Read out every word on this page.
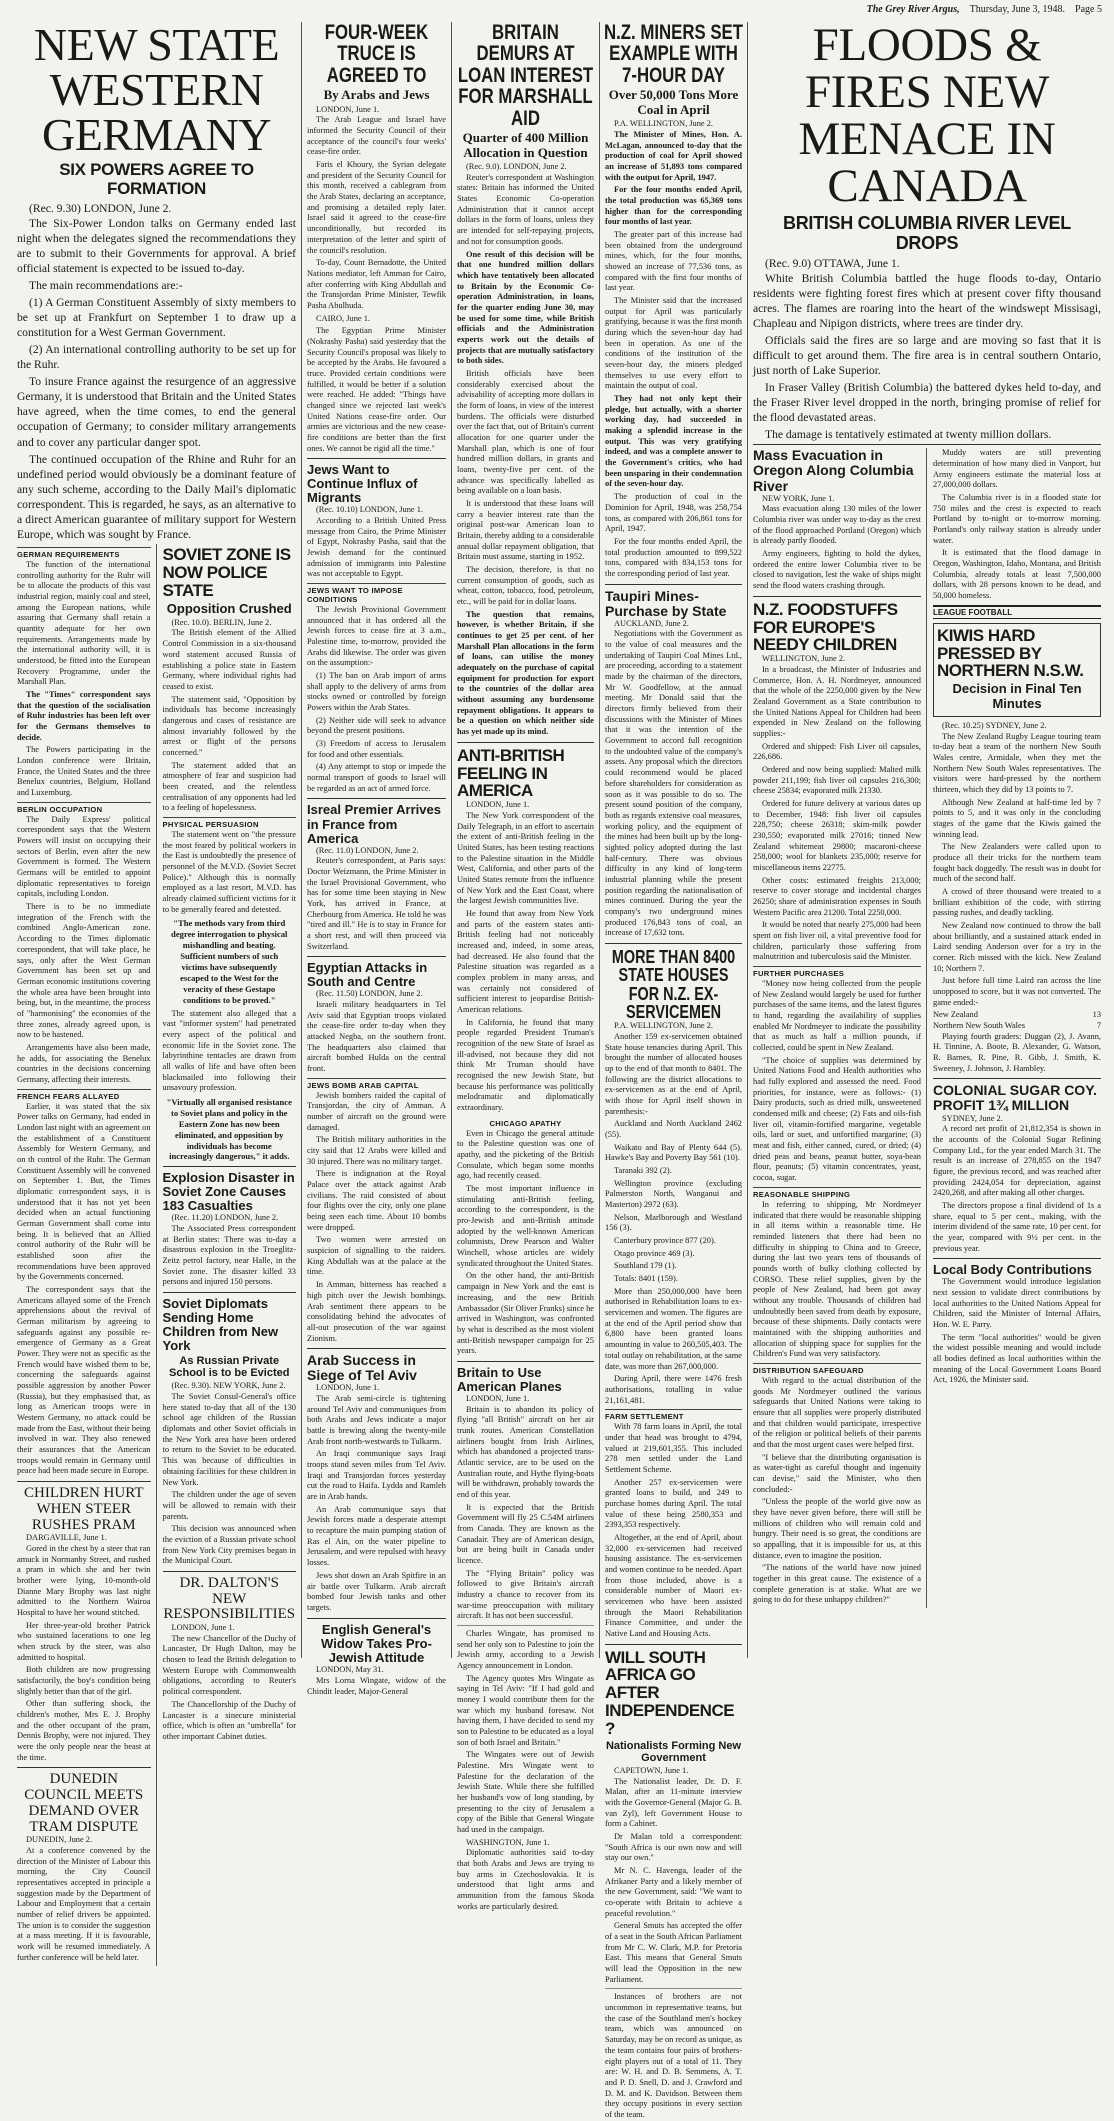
The Grey River Argus, Thursday, June 3, 1948. Page 5
NEW STATE WESTERN GERMANY
SIX POWERS AGREE TO FORMATION
(Rec. 9.30) LONDON, June 2.

The Six-Power London talks on Germany ended last night when the delegates signed the recommendations they are to submit to their Governments for approval. A brief official statement is expected to be issued to-day.

The main recommendations are:-

(1) A German Constituent Assembly of sixty members to be set up at Frankfurt on September 1 to draw up a constitution for a West German Government.

(2) An international controlling authority to be set up for the Ruhr.

To insure France against the resurgence of an aggressive Germany, it is understood that Britain and the United States have agreed, when the time comes, to end the general occupation of Germany; to consider military arrangements and to cover any particular danger spot.

The continued occupation of the Rhine and Ruhr for an undefined period would obviously be a dominant feature of any such scheme, according to the Daily Mail's diplomatic correspondent. This is regarded, he says, as an alternative to a direct American guarantee of military support for Western Europe, which was sought by France.

GERMAN REQUIREMENTS

The function of the international controlling authority for the Ruhr will be to allocate the products of this vast industrial region, mainly coal and steel, among the European nations, while assuring that Germany shall retain a quantity adequate for her own requirements. Arrangements made by the international authority will, it is understood, be fitted into the European Recovery Programme, under the Marshall Plan.

The "Times" correspondent says that the question of the socialisation of Ruhr industries has been left over for the Germans themselves to decide.

The Powers participating in the London conference were Britain, France, the United States and the three Benelux countries, Belgium, Holland and Luxemburg.

BERLIN OCCUPATION

The Daily Express' political correspondent says that the Western Powers will insist on occupying their sectors of Berlin, even after the new Government is formed. The Western Germans will be entitled to appoint diplomatic representatives to foreign capitals, including London.

There is to be no immediate integration of the French with the combined Anglo-American zone. According to the Times diplomatic correspondent, that will take place, he says, only after the West German Government has been set up and German economic institutions covering the whole area have been brought into being, but, in the meantime, the process of "harmonising" the economies of the three zones, already agreed upon, is now to be hastened.

Arrangements have also been made, he adds, for associating the Benelux countries in the decisions concerning Germany, affecting their interests.

FRENCH FEARS ALLAYED

Earlier, it was stated that the six Power talks on Germany, had ended in London last night with an agreement on the establishment of a Constituent Assembly for Western Germany, and on th control of the Ruhr. The German Constituent Assembly will be convened on September 1. But, the Times diplomatic correspondent says, it is understood that it has not yet been decided when an actual functioning German Government shall come into being. It is believed that an Allied control authority of the Ruhr will be established soon after the recommendations have been approved by the Governments concerned.

The correspondent says that the Americans allayed some of the French apprehensions about the revival of German militarism by agreeing to safeguards against any possible re-emergence of Germany as a Great Power. They were not as specific as the French would have wished them to be, concerning the safeguards against possible aggression by another Power (Russia), but they emphasised that, as long as American troops were in Western Germany, no attack could be made from the East, without their being involved in war. They also renewed their assurances that the American troops would remain in Germany until peace had been made secure in Europe.

CHILDREN HURT WHEN STEER RUSHES PRAM
DARGAVILLE, June 1.

Gored in the chest by a steer that ran amuck in Normanby Street, and rushed a pram in which she and her twin brother were lying, 10-month-old Dianne Mary Brophy was last night admitted to the Northern Wairoa Hospital to have her wound stitched.

Her three-year-old brother Patrick who sustained lacerations to one leg when struck by the steer, was also admitted to hospital.

Both children are now progressing satisfactorily, the boy's condition being slightly better than that of the girl.

Other than suffering shock, the children's mother, Mrs E. J. Brophy and the other occupant of the pram, Dennis Brophy, were not injured. They were the only people near the beast at the time.

DUNEDIN COUNCIL MEETS DEMAND OVER TRAM DISPUTE
DUNEDIN, June 2.

At a conference convened by the direction of the Minister of Labour this morning, the City Council representatives accepted in principle a suggestion made by the Department of Labour and Employment that a certain number of relief drivers be appointed. The union is to consider the suggestion at a mass meeting. If it is favourable, work will be resumed immediately. A further conference will be held later.

SOVIET ZONE IS NOW POLICE STATE
Opposition Crushed
(Rec. 10.0). BERLIN, June 2.

The British element of the Allied Control Commission in a six-thousand word statement accused Russia of establishing a police state in Eastern Germany, where individual rights had ceased to exist.

The statement said, "Opposition by individuals has become increasingly dangerous and cases of resistance are almost invariably followed by the arrest or flight of the persons concerned."

The statement added that an atmosphere of fear and suspicion had been created, and the relentless centralisation of any opponents had led to a feeling of hopelessness.

PHYSICAL PERSUASION

The statement went on "the pressure the most feared by political workers in the East is undoubtedly the presence of personnel of the M.V.D. (Soviet Secret Police)." Although this is normally employed as a last resort, M.V.D. has already claimed sufficient victims for it to be generally feared and detested.

"The methods vary from third degree interrogation to physical mishandling and beating. Sufficient numbers of such victims have subsequently escaped to the West for the veracity of these Gestapo conditions to be proved."

The statement also alleged that a vast "informer system" had penetrated every aspect of the political and economic life in the Soviet zone. The labyrinthine tentacles are drawn from all walks of life and have often been blackmailed into following their unsavoury profession.

"Virtually all organised resistance to Soviet plans and policy in the Eastern Zone has now been eliminated, and opposition by individuals has become increasingly dangerous," it adds.

Explosion Disaster in Soviet Zone Causes 183 Casualties
(Rec. 11.20) LONDON, June 2.

The Associated Press correspondent at Berlin states: There was to-day a disastrous explosion in the Troeglitz-Zeitz petrol factory, near Halle, in the Soviet zone. The disaster killed 33 persons and injured 150 persons.

Soviet Diplomats Sending Home Children from New York
As Russian Private School is to be Evicted
(Rec. 9.30). NEW YORK, June 2.

The Soviet Consul-General's office here stated to-day that all of the 130 school age children of the Russian diplomats and other Soviet officials in the New York area have been ordered to return to the Soviet to be educated. This was because of difficulties in obtaining facilities for these children in New York.

The children under the age of seven will be allowed to remain with their parents.

This decision was announced when the eviction of a Russian private school from New York City premises began in the Municipal Court.

DR. DALTON'S NEW RESPONSIBILITIES
LONDON, June 1.

The new Chancellor of the Duchy of Lancaster, Dr Hugh Dalton, may be chosen to lead the British delegation to Western Europe with Commonwealth obligations, according to Reuter's political correspondent.

The Chancellorship of the Duchy of Lancaster is a sinecure ministerial office, which is often an "umbrella" for other important Cabinet duties.

FOUR-WEEK TRUCE IS AGREED TO
By Arabs and Jews
LONDON, June 1.

The Arab League and Israel have informed the Security Council of their acceptance of the council's four weeks' cease-fire order.

Faris el Khoury, the Syrian delegate and president of the Security Council for this month, received a cablegram from the Arab States, declaring an acceptance, and promising a detailed reply later. Israel said it agreed to the cease-fire unconditionally, but recorded its interpretation of the letter and spirit of the council's resolution.

To-day, Count Bernadotte, the United Nations mediator, left Amman for Cairo, after conferring with King Abdullah and the Transjordan Prime Minister, Tewfik Pasha Abulhuda.

CAIRO, June 1.

The Egyptian Prime Minister (Nokrashy Pasha) said yesterday that the Security Council's proposal was likely to be accepted by the Arabs. He favoured a truce. Provided certain conditions were fulfilled, it would be better if a solution were reached. He added: "Things have changed since we rejected last week's United Nations cease-fire order. Our armies are victorious and the new cease-fire conditions are better than the first ones. We cannot be rigid all the time."

Jews Want to Continue Influx of Migrants
(Rec. 10.10) LONDON, June 1.

According to a British United Press message from Cairo, the Prime Minister of Egypt, Nokrashy Pasha, said that the Jewish demand for the continued admission of immigrants into Palestine was not acceptable to Egypt.

JEWS WANT TO IMPOSE CONDITIONS

The Jewish Provisional Government announced that it has ordered all the Jewish forces to cease fire at 3 a.m., Palestine time, to-morrow, provided the Arabs did likewise. The order was given on the assumption:-

(1) The ban on Arab import of arms shall apply to the delivery of arms from stocks owned or controlled by foreign Powers within the Arab States.

(2) Neither side will seek to advance beyond the present positions.

(3) Freedom of access to Jerusalem for food and other essentials.

(4) Any attempt to stop or impede the normal transport of goods to Israel will be regarded as an act of armed force.

Isreal Premier Arrives in France from America
(Rec. 11.0) LONDON, June 2.

Reuter's correspondent, at Paris says: Doctor Weizmann, the Prime Minister in the Israel Provisional Government, who has for some time been staying in New York, has arrived in France, at Cherbourg from America. He told he was "tired and ill." He is to stay in France for a short rest, and will then proceed via Switzerland.

Egyptian Attacks in South and Centre
(Rec. 11.50) LONDON, June 2.

Israeli military headquarters in Tel Aviv said that Egyptian troops violated the cease-fire order to-day when they attacked Negba, on the southern front. The headquarters also claimed that aircraft bombed Hulda on the central front.

JEWS BOMB ARAB CAPITAL

Jewish bombers raided the capital of Transjordan, the city of Amman. A number of aircraft on the ground were damaged.

The British military authorities in the city said that 12 Arabs were killed and 30 injured. There was no military target.

There is indignation at the Royal Palace over the attack against Arab civilians. The raid consisted of about four flights over the city, only one plane being seen each time. About 10 bombs were dropped.

Two women were arrested on suspicion of signalling to the raiders. King Abdullah was at the palace at the time.

In Amman, bitterness has reached a high pitch over the Jewish bombings. Arab sentiment there appears to be consolidating behind the advocates of all-out prosecution of the war against Zionism.

Arab Success in Siege of Tel Aviv
LONDON, June 1.

The Arab semi-circle is tightening around Tel Aviv and communiques from both Arabs and Jews indicate a major battle is brewing along the twenty-mile Arab front north-westwards to Tulkarm.

An Iraqi communique says Iraqi troops stand seven miles from Tel Aviv. Iraqi and Transjordan forces yesterday cut the road to Haifa. Lydda and Ramleh are in Arab hands.

An Arab communique says that Jewish forces made a desperate attempt to recapture the main pumping station of Ras el Ain, on the water pipeline to Jerusalem, and were repulsed with heavy losses.

Jews shot down an Arab Spitfire in an air battle over Tulkarm. Arab aircraft bombed four Jewish tanks and other targets.

English General's Widow Takes Pro-Jewish Attitude
LONDON, May 31.

Mrs Lorna Wingate, widow of the Chindit leader, Major-General

BRITAIN DEMURS AT LOAN INTEREST FOR MARSHALL AID
Quarter of 400 Million Allocation in Question
(Rec. 9.0). LONDON, June 2.

Reuter's correspondent at Washington states: Britain has informed the United States Economic Co-operation Administration that it cannot accept dollars in the form of loans, unless they are intended for self-repaying projects, and not for consumption goods.

One result of this decision will be that one hundred million dollars which have tentatively been allocated to Britain by the Economic Co-operation Administration, in loans, for the quarter ending June 30, may be used for some time, while British officials and the Administration experts work out the details of projects that are mutually satisfactory to both sides.

British officials have been considerably exercised about the advisability of accepting more dollars in the form of loans, in view of the interest burdens. The officials were disturbed over the fact that, out of Britain's current allocation for one quarter under the Marshall plan, which is one of four hundred million dollars, in grants and loans, twenty-five per cent. of the advance was specifically labelled as being available on a loan basis.

It is understood that these loans will carry a heavier interest rate than the original post-war American loan to Britain, thereby adding to a considerable annual dollar repayment obligation, that Britain must assume, starting in 1952.

The decision, therefore, is that no current consumption of goods, such as wheat, cotton, tobacco, food, petroleum, etc., will be paid for in dollar loans.

The question that remains, however, is whether Britain, if she continues to get 25 per cent. of her Marshall Plan allocations in the form of loans, can utilise the money adequately on the purchase of capital equipment for production for export to the countries of the dollar area without assuming any burdensome repayment obligations. It appears to be a question on which neither side has yet made up its mind.

ANTI-BRITISH FEELING IN AMERICA
LONDON, June 1.

The New York correspondent of the Daily Telegraph, in an effort to ascertain the extent of anti-British feeling in the United States, has been testing reactions to the Palestine situation in the Middle West, California, and other parts of the United States remote from the influence of New York and the East Coast, where the largest Jewish communities live.

He found that away from New York and parts of the eastern states anti-British feeling had not noticeably increased and, indeed, in some areas, had decreased. He also found that the Palestine situation was regarded as a complex problem in many areas, and was certainly not considered of sufficient interest to jeopardise British-American relations.

In California, he found that many people regarded President Truman's recognition of the new State of Israel as ill-advised, not because they did not think Mr Truman should have recognised the new Jewish State, but because his performance was politically melodramatic and diplomatically extraordinary.

CHICAGO APATHY

Even in Chicago the general attitude to the Palestine question was one of apathy, and the picketing of the British Consulate, which began some months ago, had recently ceased.

The most important influence in stimulating anti-British feeling, according to the correspondent, is the pro-Jewish and anti-British attitude adopted by the well-known American columnists, Drew Pearson and Walter Winchell, whose articles are widely syndicated throughout the United States.

On the other hand, the anti-British campaign in New York and the east is increasing, and the new British Ambassador (Sir Oliver Franks) since he arrived in Washington, was confronted by what is described as the most violent anti-British newspaper campaign for 25 years.

Britain to Use American Planes
LONDON, June 1.

Britain is to abandon its policy of flying "all British" aircraft on her air trunk routes. American Constellation airliners bought from Irish Airlines, which has abandoned a projected trans-Atlantic service, are to be used on the Australian route, and Hythe flying-boats will be withdrawn, probably towards the end of this year.

It is expected that the British Government will fly 25 C.54M airliners from Canada. They are known as the Canadair. They are of American design, but are being built in Canada under licence.

The "Flying Britain" policy was followed to give Britain's aircraft industry a chance to recover from its war-time preoccupation with military aircraft. It has not been successful.

Charles Wingate, has promised to send her only son to Palestine to join the Jewish army, according to a Jewish Agency announcement in London.

The Agency quotes Mrs Wingate as saying in Tel Aviv: "If I had gold and money I would contribute them for the war which my husband foresaw. Not having them, I have decided to send my son to Palestine to be educated as a loyal son of both Israel and Britain."

The Wingates were out of Jewish Palestine. Mrs Wingate went to Palestine for the declaration of the Jewish State. While there she fulfilled her husband's vow of long standing, by presenting to the city of Jerusalem a copy of the Bible that General Wingate had used in the campaign.

WASHINGTON, June 1.

Diplomatic authorities said to-day that both Arabs and Jews are trying to buy arms in Czechoslovakia. It is understood that light arms and ammunition from the famous Skoda works are particularly desired.

N.Z. MINERS SET EXAMPLE WITH 7-HOUR DAY
Over 50,000 Tons More Coal in April
P.A. WELLINGTON, June 2.

The Minister of Mines, Hon. A. McLagan, announced to-day that the production of coal for April showed an increase of 51,893 tons compared with the output for April, 1947.

For the four months ended April, the total production was 65,369 tons higher than for the corresponding four months of last year.

The greater part of this increase had been obtained from the underground mines, which, for the four months, showed an increase of 77,536 tons, as compared with the first four months of last year.

The Minister said that the increased output for April was particularly gratifying, because it was the first month during which the seven-hour day had been in operation. As one of the conditions of the institution of the seven-hour day, the miners pledged themselves to use every effort to maintain the output of coal.

They had not only kept their pledge, but actually, with a shorter working day, had succeeded in making a splendid increase in the output. This was very gratifying indeed, and was a complete answer to the Government's critics, who had been unsparing in their condemnation of the seven-hour day.

The production of coal in the Dominion for April, 1948, was 258,754 tons, as compared with 206,861 tons for April, 1947.

For the four months ended April, the total production amounted to 899,522 tons, compared with 834,153 tons for the corresponding period of last year.

Taupiri Mines- Purchase by State
AUCKLAND, June 2.

Negotiations with the Government as to the value of coal measures and the undertaking of Taupiri Coal Mines Ltd., are proceeding, according to a statement made by the chairman of the directors, Mr W. Goodfellow, at the annual meeting. Mr Donald said that the directors firmly believed from their discussions with the Minister of Mines that it was the intention of the Government to accord full recognition to the undoubted value of the company's assets. Any proposal which the directors could recommend would be placed before shareholders for consideration as soon as it was possible to do so. The present sound position of the company, both as regards extensive coal measures, working policy, and the equipment of the mines had been built up by the long-sighted policy adopted during the last half-century. There was obvious difficulty in any kind of long-term industrial planning while the present position regarding the nationalisation of mines continued. During the year the company's two underground mines produced 176,843 tons of coal, an increase of 17,632 tons.

MORE THAN 8400 STATE HOUSES FOR N.Z. EX-SERVICEMEN
P.A. WELLINGTON, June 2.

Another 159 ex-servicemen obtained State house tenancies during April. This brought the number of allocated houses up to the end of that month to 8401. The following are the district allocations to ex-servicemen as at the end of April, with those for April itself shown in parenthesis:-

Auckland and North Auckland 2462 (55).

Waikato and Bay of Plenty 644 (5). Hawke's Bay and Poverty Bay 561 (10).

Taranaki 392 (2).

Wellington province (excluding Palmerston North, Wanganui and Masterton) 2972 (63).

Nelson, Marlborough and Westland 156 (3).

Canterbury province 877 (20).

Otago province 469 (3).

Southland 179 (1).

Totals: 8401 (159).

More than 250,000,000 have been authorised in Rehabilitation loans to ex-servicemen and women. The figures are at the end of the April period show that 6,800 have been granted loans amounting in value to 260,505,403. The total outlay on rehabilitation, at the same date, was more than 267,000,000.

During April, there were 1476 fresh authorisations, totalling in value 21,161,481.

FARM SETTLEMENT

With 78 farm loans in April, the total under that head was brought to 4794, valued at 219,601,355. This included 278 men settled under the Land Settlement Scheme.

Another 257 ex-servicemen were granted loans to build, and 249 to purchase homes during April. The total value of these being 2580,353 and 2393,353 respectively.

Altogether, at the end of April, about 32,000 ex-servicemen had received housing assistance. The ex-servicemen and women continue to be needed. Apart from those included, above is a considerable number of Maori ex-servicemen who have been assisted through the Maori Rehabilitation Finance Committee, and under the Native Land and Housing Acts.

WILL SOUTH AFRICA GO AFTER INDEPENDENCE ?
Nationalists Forming New Government
CAPETOWN, June 1.

The Nationalist leader, Dr. D. F. Malan, after an 11-minute interview with the Governor-General (Major G. B. van Zyl), left Government House to form a Cabinet.

Dr Malan told a correspondent: "South Africa is our own now and will stay our own."

Mr N. C. Havenga, leader of the Afrikaner Party and a likely member of the new Government, said: "We want to co-operate with Britain to achieve a peaceful revolution."

General Smuts has accepted the offer of a seat in the South African Parliament from Mr C. W. Clark, M.P. for Pretoria East. This means that General Smuts will lead the Opposition in the new Parliament.

Instances of brothers are not uncommon in representative teams, but the case of the Southland men's hockey team, which was announced on Saturday, may be on record as unique, as the team contains four pairs of brothers-eight players out of a total of 11. They are: W. H. and D. B. Semmens, A. T. and P. D. Snell, D. and J. Crawford and D. M. and K. Davidson. Between them they occupy positions in every section of the team.

FLOODS & FIRES NEW MENACE IN CANADA
BRITISH COLUMBIA RIVER LEVEL DROPS
(Rec. 9.0) OTTAWA, June 1.

White British Columbia battled the huge floods to-day, Ontario residents were fighting forest fires which at present cover fifty thousand acres. The flames are roaring into the heart of the windswept Missisagi, Chapleau and Nipigon districts, where trees are tinder dry.

Officials said the fires are so large and are moving so fast that it is difficult to get around them. The fire area is in central southern Ontario, just north of Lake Superior.

In Fraser Valley (British Columbia) the battered dykes held to-day, and the Fraser River level dropped in the north, bringing promise of relief for the flood devastated areas.

The damage is tentatively estimated at twenty million dollars.

Mass Evacuation in Oregon Along Columbia River
NEW YORK, June 1.

Mass evacuation along 130 miles of the lower Columbia river was under way to-day as the crest of the flood approached Portland (Oregon) which is already partly flooded.

Army engineers, fighting to hold the dykes, ordered the entire lower Columbia river to be closed to navigation, lest the wake of ships might send the flood waters crashing through.

N.Z. FOODSTUFFS FOR EUROPE'S NEEDY CHILDREN
WELLINGTON, June 2.

In a broadcast, the Minister of Industries and Commerce, Hon. A. H. Nordmeyer, announced that the whole of the 2250,000 given by the New Zealand Government as a State contribution to the United Nations Appeal for Children had been expended in New Zealand on the following supplies:-

Ordered and shipped: Fish Liver oil capsules, 226,686.

Ordered and now being supplied: Malted milk powder 211,199; fish liver oil capsules 216,300; cheese 25834; evaporated milk 21330.

Ordered for future delivery at various dates up to December, 1948: fish liver oil capsules 228,750; cheese 26318; skim-milk powder 230,550; evaporated milk 27016; tinned New Zealand whitemeat 29800; macaroni-cheese 258,000; wool for blankets 235,000; reserve for miscellaneous items 22775.

Other costs: estimated freights 213,000; reserve to cover storage and incidental charges 26250; share of administration expenses in South Western Pacific area 21200. Total 2250,000.

It would be noted that nearly 275,000 had been spent on fish liver oil, a vital preventive food for children, particularly those suffering from malnutrition and tuberculosis said the Minister.

FURTHER PURCHASES

"Money now being collected from the people of New Zealand would largely be used for further purchases of the same items, and the latest figures to hand, regarding the availability of supplies enabled Mr Nordmeyer to indicate the possibility that as much as half a million pounds, if collected, could be spent in New Zealand.

"The choice of supplies was determined by United Nations Food and Health authorities who had fully explored and assessed the need. Food priorities, for instance, were as follows:- (1) Dairy products, such as dried milk, unsweetened condensed milk and cheese; (2) Fats and oils-fish liver oil, vitamin-fortified margarine, vegetable oils, lard or suet, and unfortified margarine; (3) meat and fish, either canned, cured, or dried; (4) dried peas and beans, peanut butter, soya-bean flour, peanuts; (5) vitamin concentrates, yeast, cocoa, sugar.

REASONABLE SHIPPING

In referring to shipping, Mr Nordmeyer indicated that there would be reasonable shipping in all items within a reasonable time. He reminded listeners that there had been no difficulty in shipping to China and to Greece, during the last two years tens of thousands of pounds worth of bulky clothing collected by CORSO. These relief supplies, given by the people of New Zealand, had been got away without any trouble. Thousands of children had undoubtedly been saved from death by exposure, because of these shipments. Daily contacts were maintained with the shipping authorities and allocation of shipping space for supplies for the Children's Fund was very satisfactory.

DISTRIBUTION SAFEGUARD

With regard to the actual distribution of the goods Mr Nordmeyer outlined the various safeguards that United Nations were taking to ensure that all supplies were properly distributed and that children would participate, irrespective of the religion or political beliefs of their parents and that the most urgent cases were helped first.

"I believe that the distributing organisation is as water-tight as careful thought and ingenuity can devise," said the Minister, who then concluded:-

"Unless the people of the world give now as they have never given before, there will still be millions of children who will remain cold and hungry. Their need is so great, the conditions are so appalling, that it is impossible for us, at this distance, even to imagine the position.

"The nations of the world have now joined together in this great cause. The existence of a complete generation is at stake. What are we going to do for these unhappy children?"

Muddy waters are still preventing determination of how many died in Vanport, but Army engineers estimate the material loss at 27,000,000 dollars.

The Columbia river is in a flooded state for 750 miles and the crest is expected to reach Portland by to-night or to-morrow morning. Portland's only railway station is already under water.

It is estimated that the flood damage in Oregon, Washington, Idaho, Montana, and British Columbia, already totals at least 7,500,000 dollars, with 28 persons known to be dead, and 50,000 homeless.

LEAGUE FOOTBALL
KIWIS HARD PRESSED BY NORTHERN N.S.W.
Decision in Final Ten Minutes
(Rec. 10.25) SYDNEY, June 2.

The New Zealand Rugby League touring team to-day beat a team of the northern New South Wales centre, Armidale, when they met the Northern New South Wales representatives. The visitors were hard-pressed by the northern thirteen, which they did by 13 points to 7.

Although New Zealand at half-time led by 7 points to 5, and it was only in the concluding stages of the game that the Kiwis gained the winning lead.

The New Zealanders were called upon to produce all their tricks for the northern team fought back doggedly. The result was in doubt for much of the second half.

A crowd of three thousand were treated to a brilliant exhibition of the code, with stirring passing rushes, and deadly tackling.

New Zealand now continued to throw the ball about brilliantly, and a sustained attack ended in Laird sending Anderson over for a try in the corner. Rich missed with the kick. New Zealand 10; Northern 7.

Just before full time Laird ran across the line unopposed to score, but it was not converted. The game ended:-

New Zealand	13
Northern New South Wales	7

Playing fourth graders: Duggan (2), J. Avann, H. Tinnine, A. Boote, B. Alexander, G. Watson, R. Barnes, R. Pine, R. Gibb, J. Smith, K. Sweeney, J. Johnson, J. Hambley.

COLONIAL SUGAR COY. PROFIT 1¾ MILLION
SYDNEY, June 2.

A record net profit of 21,812,354 is shown in the accounts of the Colonial Sugar Refining Company Ltd., for the year ended March 31. The result is an increase of 278,855 on the 1947 figure, the previous record, and was reached after providing 2424,054 for depreciation, against 2420,268, and after making all other charges.

The directors propose a final dividend of 1s a share, equal to 5 per cent., making, with the interim dividend of the same rate, 10 per cent. for the year, compared with 9½ per cent. in the previous year.

Local Body Contributions

The Government would introduce legislation next session to validate direct contributions by local authorities to the United Nations Appeal for Children, said the Minister of Internal Affairs, Hon. W. E. Parry.

The term "local authorities" would be given the widest possible meaning and would include all bodies defined as local authorities within the meaning of the Local Government Loans Board Act, 1926, the Minister said.
